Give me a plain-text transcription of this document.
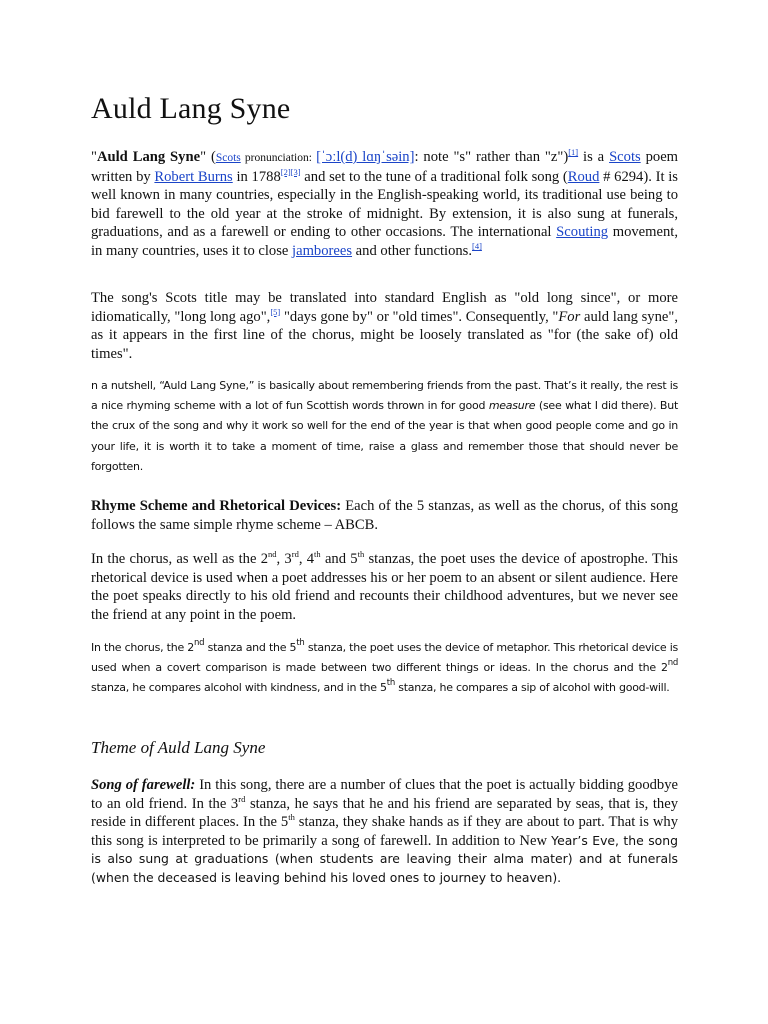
Auld Lang Syne

"Auld Lang Syne" (Scots pronunciation: [ˈɔːl(d) lɑŋˈsəin]: note "s" rather than "z")[1] is a Scots poem written by Robert Burns in 1788[2][3] and set to the tune of a traditional folk song (Roud # 6294). It is well known in many countries, especially in the English-speaking world, its traditional use being to bid farewell to the old year at the stroke of midnight. By extension, it is also sung at funerals, graduations, and as a farewell or ending to other occasions. The international Scouting movement, in many countries, uses it to close jamborees and other functions.[4]

The song's Scots title may be translated into standard English as "old long since", or more idiomatically, "long long ago",[5] "days gone by" or "old times". Consequently, "For auld lang syne", as it appears in the first line of the chorus, might be loosely translated as "for (the sake of) old times".

n a nutshell, “Auld Lang Syne,” is basically about remembering friends from the past. That’s it really, the rest is a nice rhyming scheme with a lot of fun Scottish words thrown in for good measure (see what I did there). But the crux of the song and why it work so well for the end of the year is that when good people come and go in your life, it is worth it to take a moment of time, raise a glass and remember those that should never be forgotten.

Rhyme Scheme and Rhetorical Devices: Each of the 5 stanzas, as well as the chorus, of this song follows the same simple rhyme scheme – ABCB.

In the chorus, as well as the 2nd, 3rd, 4th and 5th stanzas, the poet uses the device of apostrophe. This rhetorical device is used when a poet addresses his or her poem to an absent or silent audience. Here the poet speaks directly to his old friend and recounts their childhood adventures, but we never see the friend at any point in the poem.

In the chorus, the 2nd stanza and the 5th stanza, the poet uses the device of metaphor. This rhetorical device is used when a covert comparison is made between two different things or ideas. In the chorus and the 2nd stanza, he compares alcohol with kindness, and in the 5th stanza, he compares a sip of alcohol with good-will.

Theme of Auld Lang Syne

Song of farewell: In this song, there are a number of clues that the poet is actually bidding goodbye to an old friend. In the 3rd stanza, he says that he and his friend are separated by seas, that is, they reside in different places. In the 5th stanza, they shake hands as if they are about to part. That is why this song is interpreted to be primarily a song of farewell. In addition to New Year’s Eve, the song is also sung at graduations (when students are leaving their alma mater) and at funerals (when the deceased is leaving behind his loved ones to journey to heaven).
